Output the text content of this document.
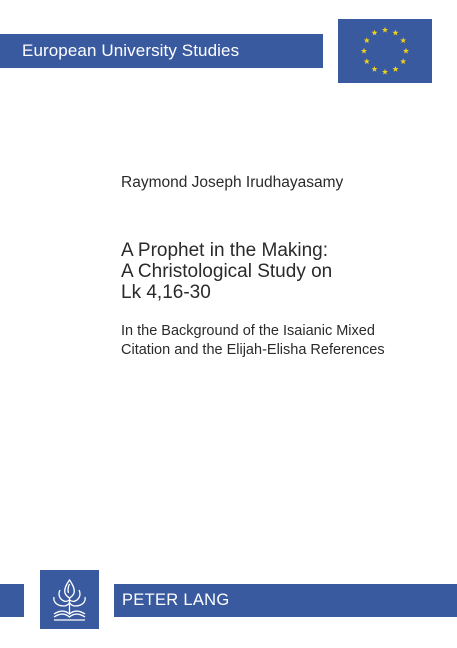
European University Studies
Raymond Joseph Irudhayasamy
A Prophet in the Making:
A Christological Study on
Lk 4,16-30
In the Background of the Isaianic Mixed
Citation and the Elijah-Elisha References
PETER LANG
